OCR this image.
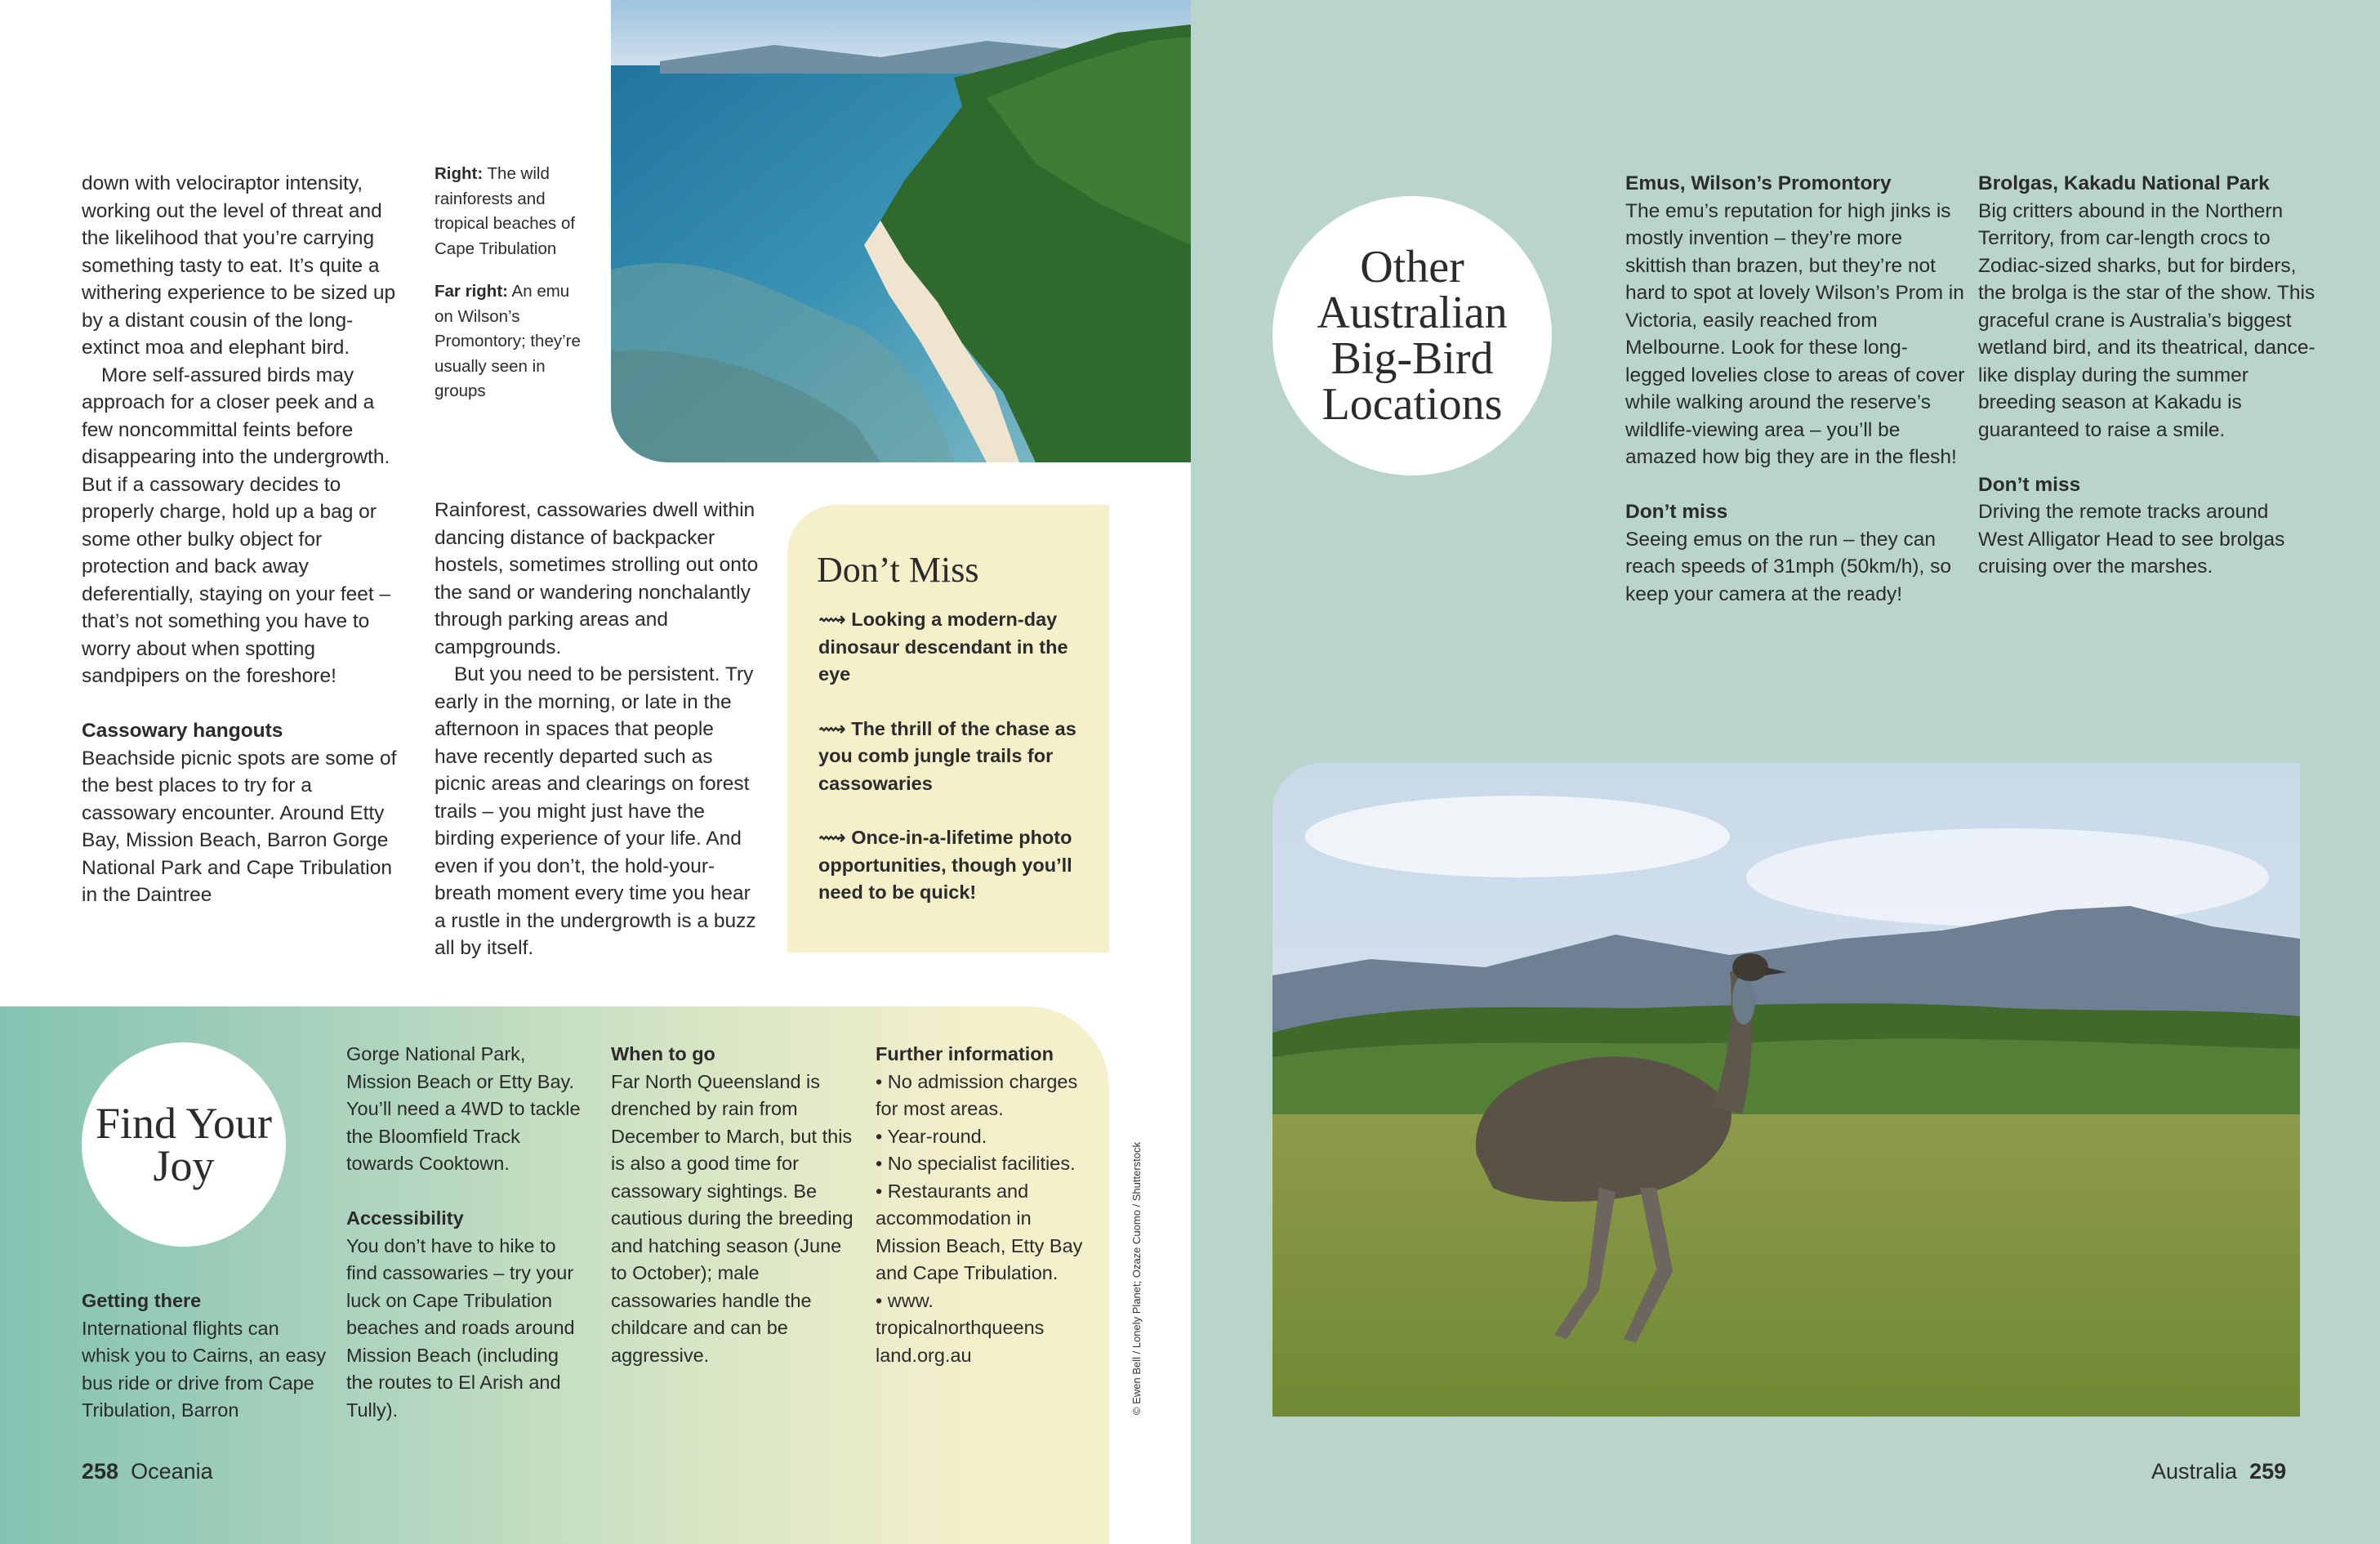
Right: The wild rainforests and tropical beaches of Cape Tribulation

Far right: An emu on Wilson’s Promontory; they’re usually seen in groups

down with velociraptor intensity, working out the level of threat and the likelihood that you’re carrying something tasty to eat. It’s quite a withering experience to be sized up by a distant cousin of the long-extinct moa and elephant bird.

More self-assured birds may approach for a closer peek and a few noncommittal feints before disappearing into the undergrowth. But if a cassowary decides to properly charge, hold up a bag or some other bulky object for protection and back away deferentially, staying on your feet – that’s not something you have to worry about when spotting sandpipers on the foreshore!

Cassowary hangouts

Beachside picnic spots are some of the best places to try for a cassowary encounter. Around Etty Bay, Mission Beach, Barron Gorge National Park and Cape Tribulation in the Daintree

Rainforest, cassowaries dwell within dancing distance of backpacker hostels, sometimes strolling out onto the sand or wandering nonchalantly through parking areas and campgrounds.

But you need to be persistent. Try early in the morning, or late in the afternoon in spaces that people have recently departed such as picnic areas and clearings on forest trails – you might just have the birding experience of your life. And even if you don’t, the hold-your-breath moment every time you hear a rustle in the undergrowth is a buzz all by itself.

Don’t Miss
⟿ Looking a modern-day dinosaur descendant in the eye
⟿ The thrill of the chase as you comb jungle trails for cassowaries
⟿ Once-in-a-lifetime photo opportunities, though you’ll need to be quick!
Find Your Joy

Getting there

International flights can whisk you to Cairns, an easy bus ride or drive from Cape Tribulation, Barron

Gorge National Park, Mission Beach or Etty Bay. You’ll need a 4WD to tackle the Bloomfield Track towards Cooktown.

Accessibility

You don’t have to hike to find cassowaries – try your luck on Cape Tribulation beaches and roads around Mission Beach (including the routes to El Arish and Tully).

When to go

Far North Queensland is drenched by rain from December to March, but this is also a good time for cassowary sightings. Be cautious during the breeding and hatching season (June to October); male cassowaries handle the childcare and can be aggressive.

Further information

• No admission charges for most areas.

• Year-round.

• No specialist facilities.

• Restaurants and accommodation in Mission Beach, Etty Bay and Cape Tribulation.

• www. tropicalnorthqueens land.org.au	© Ewen Bell / Lonely Planet; Ozaze Cuomo / Shutterstock
258 Oceania
Other Australian Big-Bird Locations

Emus, Wilson’s Promontory

The emu’s reputation for high jinks is mostly invention – they’re more skittish than brazen, but they’re not hard to spot at lovely Wilson’s Prom in Victoria, easily reached from Melbourne. Look for these long-legged lovelies close to areas of cover while walking around the reserve’s wildlife-viewing area – you’ll be amazed how big they are in the flesh!

Don’t miss

Seeing emus on the run – they can reach speeds of 31mph (50km/h), so keep your camera at the ready!

Brolgas, Kakadu National Park

Big critters abound in the Northern Territory, from car-length crocs to Zodiac-sized sharks, but for birders, the brolga is the star of the show. This graceful crane is Australia’s biggest wetland bird, and its theatrical, dance-like display during the summer breeding season at Kakadu is guaranteed to raise a smile.

Don’t miss

Driving the remote tracks around West Alligator Head to see brolgas cruising over the marshes.

Australia 259
